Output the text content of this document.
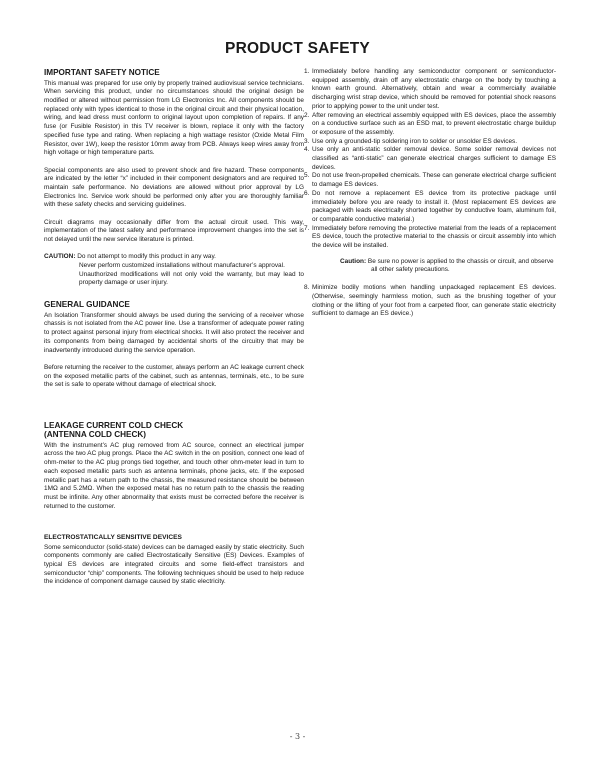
PRODUCT SAFETY
IMPORTANT SAFETY NOTICE

This manual was prepared for use only by properly trained audiovisual service technicians. When servicing this product, under no circumstances should the original design be modified or altered without permission from LG Electronics Inc. All components should be replaced only with types identical to those in the original circuit and their physical location, wiring, and lead dress must conform to original layout upon completion of repairs. If any fuse (or Fusible Resistor) in this TV receiver is blown, replace it only with the factory specified fuse type and rating. When replacing a high wattage resistor (Oxide Metal Film Resistor, over 1W), keep the resistor 10mm away from PCB. Always keep wires away from high voltage or high temperature parts.

Special components are also used to prevent shock and fire hazard. These components are indicated by the letter “x” included in their component designators and are required to maintain safe performance. No deviations are allowed without prior approval by LG Electronics Inc. Service work should be performed only after you are thoroughly familiar with these safety checks and servicing guidelines.

Circuit diagrams may occasionally differ from the actual circuit used. This way, implementation of the latest safety and performance improvement changes into the set is not delayed until the new service literature is printed.

CAUTION: Do not attempt to modify this product in any way.
Never perform customized installations without manufacturer’s approval.
Unauthorized modifications will not only void the warranty, but may lead to property damage or user injury.
GENERAL GUIDANCE

An Isolation Transformer should always be used during the servicing of a receiver whose chassis is not isolated from the AC power line. Use a transformer of adequate power rating to protect against personal injury from electrical shocks. It will also protect the receiver and its components from being damaged by accidental shorts of the circuitry that may be inadvertently introduced during the service operation.

Before returning the receiver to the customer, always perform an AC leakage current check on the exposed metallic parts of the cabinet, such as antennas, terminals, etc., to be sure the set is safe to operate without damage of electrical shock.

LEAKAGE CURRENT COLD CHECK
(ANTENNA COLD CHECK)

With the instrument’s AC plug removed from AC source, connect an electrical jumper across the two AC plug prongs. Place the AC switch in the on position, connect one lead of ohm-meter to the AC plug prongs tied together, and touch other ohm-meter lead in turn to each exposed metallic parts such as antenna terminals, phone jacks, etc. If the exposed metallic part has a return path to the chassis, the measured resistance should be between 1MΩ and 5.2MΩ. When the exposed metal has no return path to the chassis the reading must be infinite. Any other abnormality that exists must be corrected before the receiver is returned to the customer.

ELECTROSTATICALLY SENSITIVE DEVICES

Some semiconductor (solid-state) devices can be damaged easily by static electricity. Such components commonly are called Electrostatically Sensitive (ES) Devices. Examples of typical ES devices are integrated circuits and some field-effect transistors and semiconductor “chip” components. The following techniques should be used to help reduce the incidence of component damage caused by static electricity.

1. Immediately before handling any semiconductor component or semiconductor-equipped assembly, drain off any electrostatic charge on the body by touching a known earth ground. Alternatively, obtain and wear a commercially available discharging wrist strap device, which should be removed for potential shock reasons prior to applying power to the unit under test.
2. After removing an electrical assembly equipped with ES devices, place the assembly on a conductive surface such as an ESD mat, to prevent electrostatic charge buildup or exposure of the assembly.
3. Use only a grounded-tip soldering iron to solder or unsolder ES devices.
4. Use only an anti-static solder removal device. Some solder removal devices not classified as “anti-static” can generate electrical charges sufficient to damage ES devices.
5. Do not use freon-propelled chemicals. These can generate electrical charge sufficient to damage ES devices.
6. Do not remove a replacement ES device from its protective package until immediately before you are ready to install it. (Most replacement ES devices are packaged with leads electrically shorted together by conductive foam, aluminum foil, or comparable conductive material.)
7. Immediately before removing the protective material from the leads of a replacement ES device, touch the protective material to the chassis or circuit assembly into which the device will be installed.
Caution: Be sure no power is applied to the chassis or circuit, and observe
all other safety precautions.
8. Minimize bodily motions when handling unpackaged replacement ES devices. (Otherwise, seemingly harmless motion, such as the brushing together of your clothing or the lifting of your foot from a carpeted floor, can generate static electricity sufficient to damage an ES device.)
- 3 -
